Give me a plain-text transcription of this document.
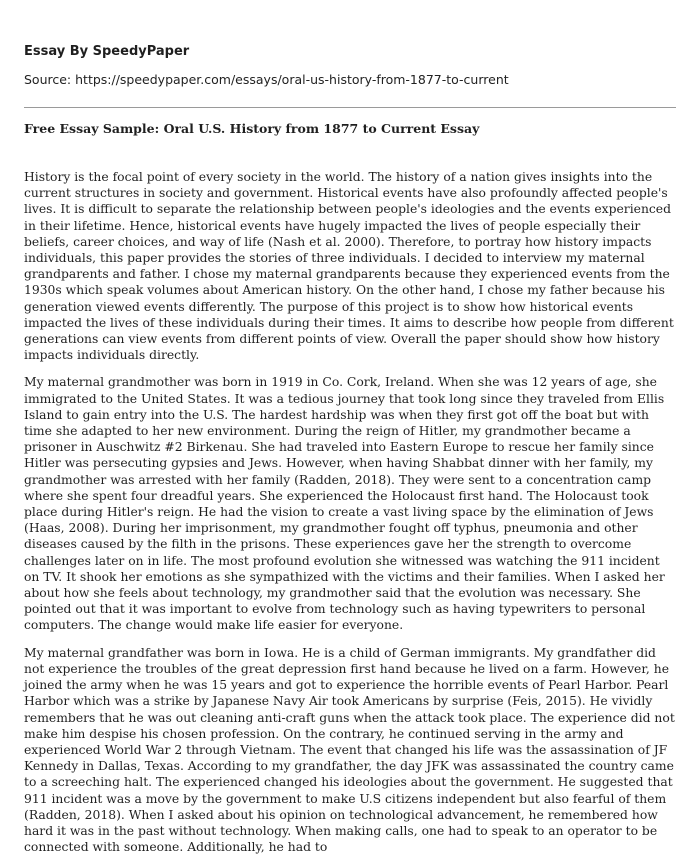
Essay By SpeedyPaper
Source: https://speedypaper.com/essays/oral-us-history-from-1877-to-current
Free Essay Sample: Oral U.S. History from 1877 to Current Essay

History is the focal point of every society in the world. The history of a nation gives insights into the current structures in society and government. Historical events have also profoundly affected people's lives. It is difficult to separate the relationship between people's ideologies and the events experienced in their lifetime. Hence, historical events have hugely impacted the lives of people especially their beliefs, career choices, and way of life (Nash et al. 2000). Therefore, to portray how history impacts individuals, this paper provides the stories of three individuals. I decided to interview my maternal grandparents and father. I chose my maternal grandparents because they experienced events from the 1930s which speak volumes about American history. On the other hand, I chose my father because his generation viewed events differently. The purpose of this project is to show how historical events impacted the lives of these individuals during their times. It aims to describe how people from different generations can view events from different points of view. Overall the paper should show how history impacts individuals directly.

My maternal grandmother was born in 1919 in Co. Cork, Ireland. When she was 12 years of age, she immigrated to the United States. It was a tedious journey that took long since they traveled from Ellis Island to gain entry into the U.S. The hardest hardship was when they first got off the boat but with time she adapted to her new environment. During the reign of Hitler, my grandmother became a prisoner in Auschwitz #2 Birkenau. She had traveled into Eastern Europe to rescue her family since Hitler was persecuting gypsies and Jews. However, when having Shabbat dinner with her family, my grandmother was arrested with her family (Radden, 2018). They were sent to a concentration camp where she spent four dreadful years. She experienced the Holocaust first hand. The Holocaust took place during Hitler's reign. He had the vision to create a vast living space by the elimination of Jews (Haas, 2008). During her imprisonment, my grandmother fought off typhus, pneumonia and other diseases caused by the filth in the prisons. These experiences gave her the strength to overcome challenges later on in life. The most profound evolution she witnessed was watching the 911 incident on TV. It shook her emotions as she sympathized with the victims and their families. When I asked her about how she feels about technology, my grandmother said that the evolution was necessary. She pointed out that it was important to evolve from technology such as having typewriters to personal computers. The change would make life easier for everyone.

My maternal grandfather was born in Iowa. He is a child of German immigrants. My grandfather did not experience the troubles of the great depression first hand because he lived on a farm. However, he joined the army when he was 15 years and got to experience the horrible events of Pearl Harbor. Pearl Harbor which was a strike by Japanese Navy Air took Americans by surprise (Feis, 2015). He vividly remembers that he was out cleaning anti-craft guns when the attack took place. The experience did not make him despise his chosen profession. On the contrary, he continued serving in the army and experienced World War 2 through Vietnam. The event that changed his life was the assassination of JF Kennedy in Dallas, Texas. According to my grandfather, the day JFK was assassinated the country came to a screeching halt. The experienced changed his ideologies about the government. He suggested that 911 incident was a move by the government to make U.S citizens independent but also fearful of them (Radden, 2018). When I asked about his opinion on technological advancement, he remembered how hard it was in the past without technology. When making calls, one had to speak to an operator to be connected with someone. Additionally, he had to
